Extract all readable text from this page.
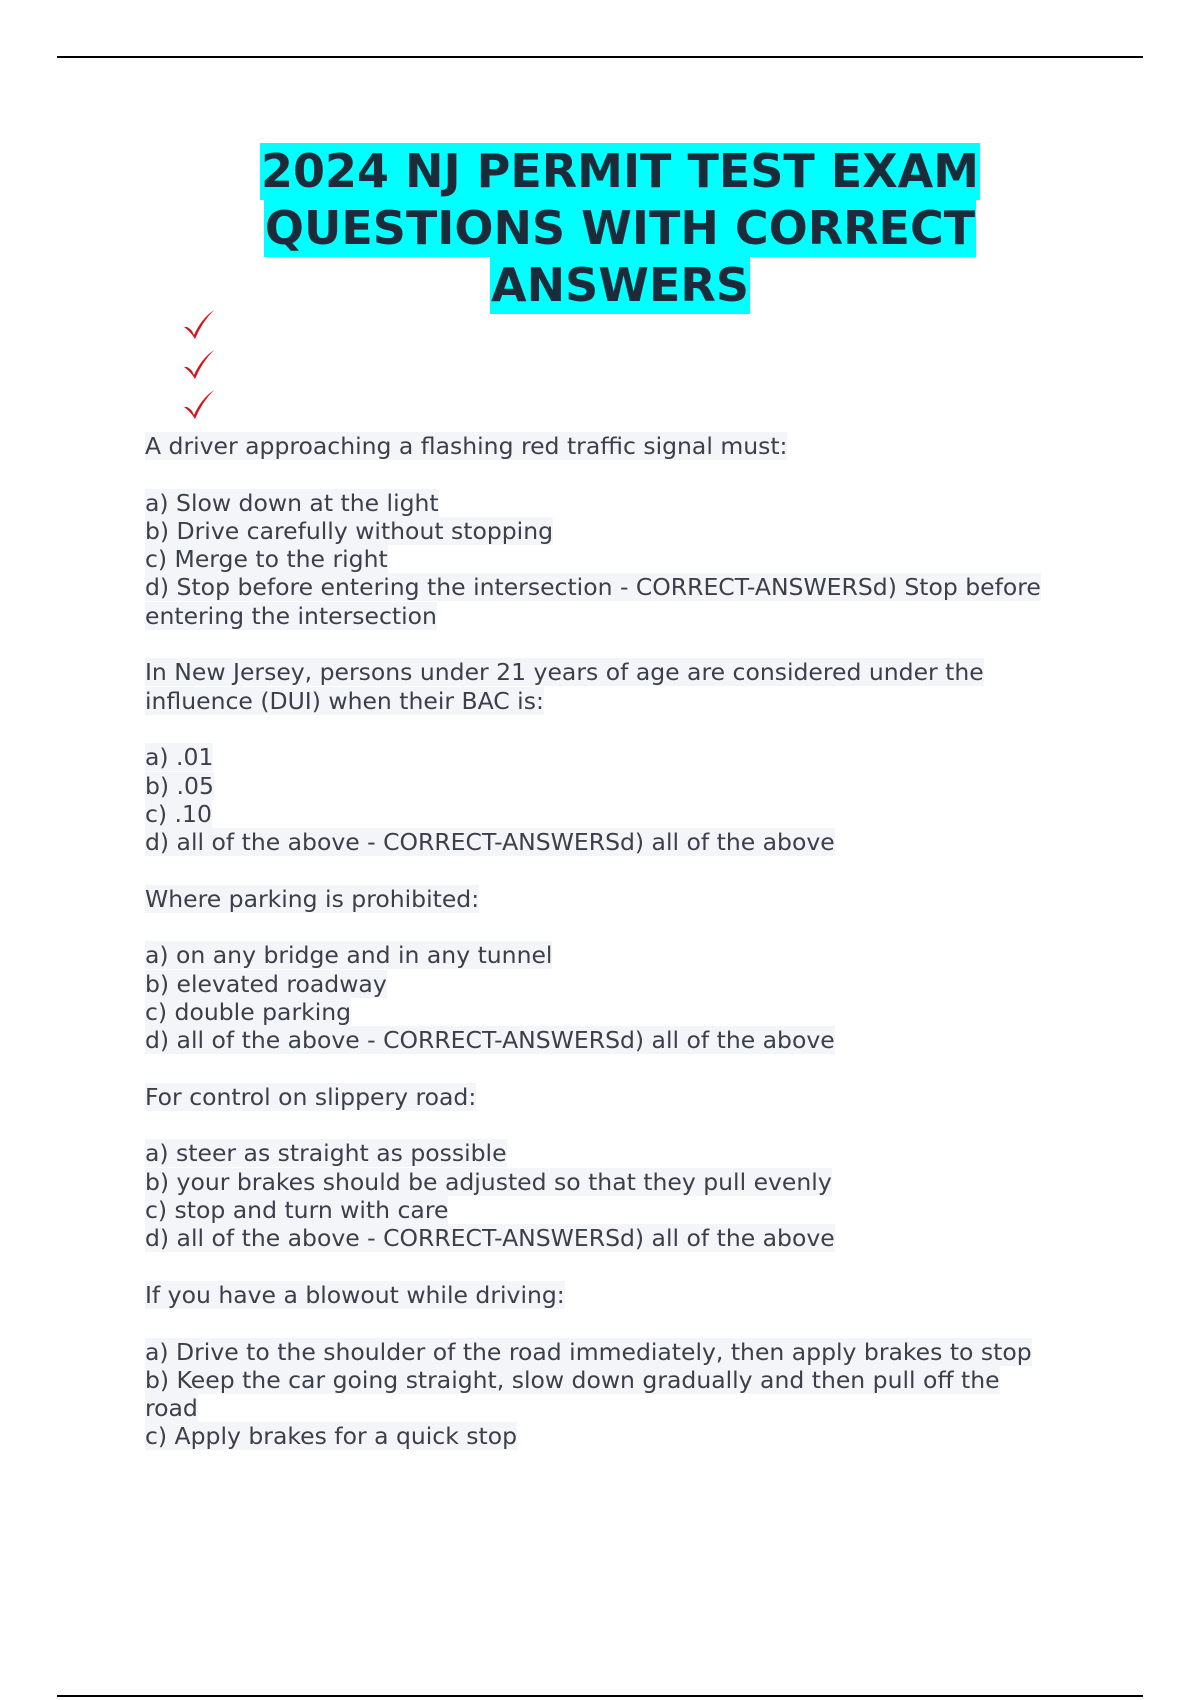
2024 NJ PERMIT TEST EXAM
QUESTIONS WITH CORRECT
ANSWERS
A driver approaching a flashing red traffic signal must:
a) Slow down at the light
b) Drive carefully without stopping
c) Merge to the right
d) Stop before entering the intersection - CORRECT-ANSWERSd) Stop before
entering the intersection
In New Jersey, persons under 21 years of age are considered under the
influence (DUI) when their BAC is:
a) .01
b) .05
c) .10
d) all of the above - CORRECT-ANSWERSd) all of the above
Where parking is prohibited:
a) on any bridge and in any tunnel
b) elevated roadway
c) double parking
d) all of the above - CORRECT-ANSWERSd) all of the above
For control on slippery road:
a) steer as straight as possible
b) your brakes should be adjusted so that they pull evenly
c) stop and turn with care
d) all of the above - CORRECT-ANSWERSd) all of the above
If you have a blowout while driving:
a) Drive to the shoulder of the road immediately, then apply brakes to stop
b) Keep the car going straight, slow down gradually and then pull off the
road
c) Apply brakes for a quick stop
